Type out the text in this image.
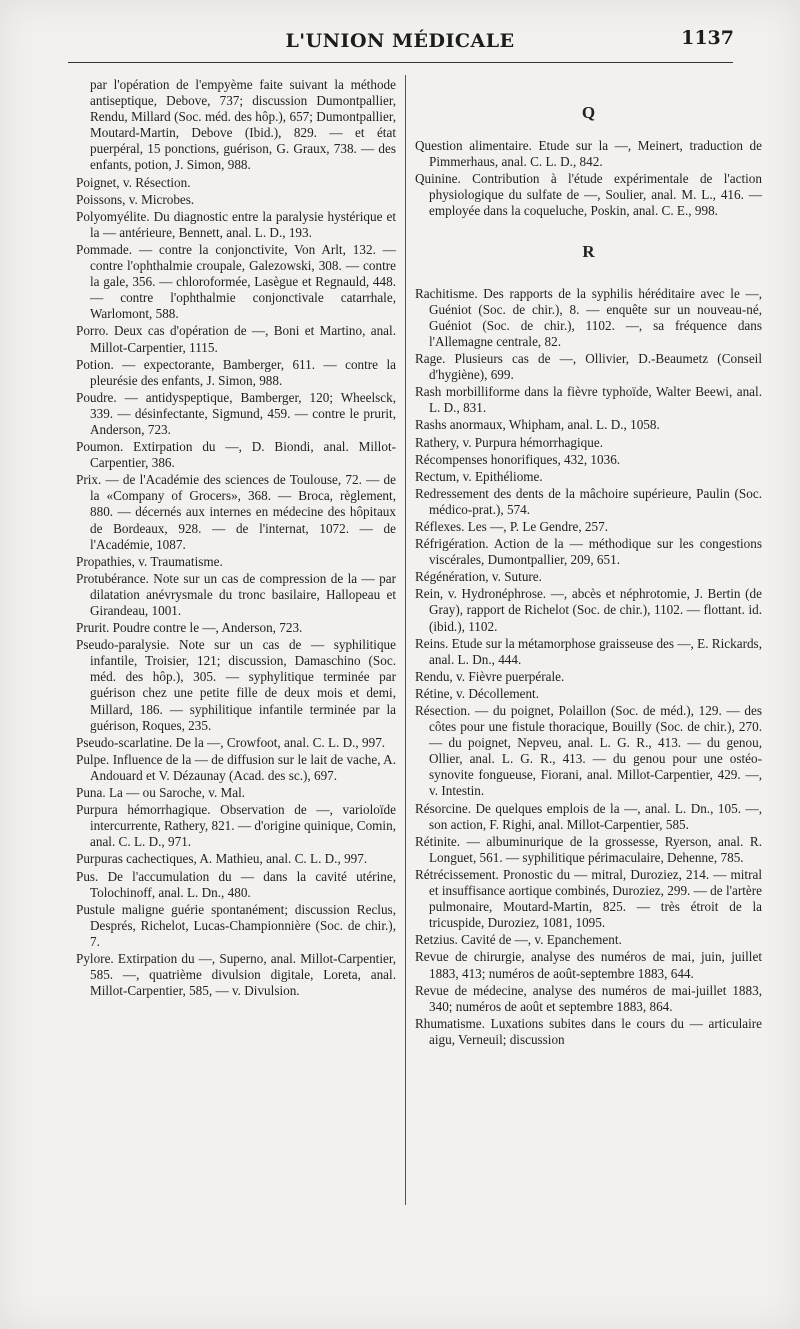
L'UNION MÉDICALE	1137

par l'opération de l'empyème faite suivant la méthode antiseptique, Debove, 737; discussion Dumontpallier, Rendu, Millard (Soc. méd. des hôp.), 657; Dumontpallier, Moutard-Martin, Debove (Ibid.), 829. — et état puerpéral, 15 ponctions, guérison, G. Graux, 738. — des enfants, potion, J. Simon, 988.

Poignet, v. Résection.

Poissons, v. Microbes.

Polyomyélite. Du diagnostic entre la paralysie hystérique et la — antérieure, Bennett, anal. L. D., 193.

Pommade. — contre la conjonctivite, Von Arlt, 132. — contre l'ophthalmie croupale, Galezowski, 308. — contre la gale, 356. — chloroformée, Lasègue et Regnauld, 448. — contre l'ophthalmie conjonctivale catarrhale, Warlomont, 588.

Porro. Deux cas d'opération de —, Boni et Martino, anal. Millot-Carpentier, 1115.

Potion. — expectorante, Bamberger, 611. — contre la pleurésie des enfants, J. Simon, 988.

Poudre. — antidyspeptique, Bamberger, 120; Wheelsck, 339. — désinfectante, Sigmund, 459. — contre le prurit, Anderson, 723.

Poumon. Extirpation du —, D. Biondi, anal. Millot-Carpentier, 386.

Prix. — de l'Académie des sciences de Toulouse, 72. — de la «Company of Grocers», 368. — Broca, règlement, 880. — décernés aux internes en médecine des hôpitaux de Bordeaux, 928. — de l'internat, 1072. — de l'Académie, 1087.

Propathies, v. Traumatisme.

Protubérance. Note sur un cas de compression de la — par dilatation anévrysmale du tronc basilaire, Hallopeau et Girandeau, 1001.

Prurit. Poudre contre le —, Anderson, 723.

Pseudo-paralysie. Note sur un cas de — syphilitique infantile, Troisier, 121; discussion, Damaschino (Soc. méd. des hôp.), 305. — syphylitique terminée par guérison chez une petite fille de deux mois et demi, Millard, 186. — syphilitique infantile terminée par la guérison, Roques, 235.

Pseudo-scarlatine. De la —, Crowfoot, anal. C. L. D., 997.

Pulpe. Influence de la — de diffusion sur le lait de vache, A. Andouard et V. Dézaunay (Acad. des sc.), 697.

Puna. La — ou Saroche, v. Mal.

Purpura hémorrhagique. Observation de —, varioloïde intercurrente, Rathery, 821. — d'origine quinique, Comin, anal. C. L. D., 971.

Purpuras cachectiques, A. Mathieu, anal. C. L. D., 997.

Pus. De l'accumulation du — dans la cavité utérine, Tolochinoff, anal. L. Dn., 480.

Pustule maligne guérie spontanément; discussion Reclus, Després, Richelot, Lucas-Championnière (Soc. de chir.), 7.

Pylore. Extirpation du —, Superno, anal. Millot-Carpentier, 585. —, quatrième divulsion digitale, Loreta, anal. Millot-Carpentier, 585, — v. Divulsion.

Q

Question alimentaire. Etude sur la —, Meinert, traduction de Pimmerhaus, anal. C. L. D., 842.

Quinine. Contribution à l'étude expérimentale de l'action physiologique du sulfate de —, Soulier, anal. M. L., 416. — employée dans la coqueluche, Poskin, anal. C. E., 998.

R

Rachitisme. Des rapports de la syphilis héréditaire avec le —, Guéniot (Soc. de chir.), 8. — enquête sur un nouveau-né, Guéniot (Soc. de chir.), 1102. —, sa fréquence dans l'Allemagne centrale, 82.

Rage. Plusieurs cas de —, Ollivier, D.-Beaumetz (Conseil d'hygiène), 699.

Rash morbilliforme dans la fièvre typhoïde, Walter Beewi, anal. L. D., 831.

Rashs anormaux, Whipham, anal. L. D., 1058.

Rathery, v. Purpura hémorrhagique.

Récompenses honorifiques, 432, 1036.

Rectum, v. Epithéliome.

Redressement des dents de la mâchoire supérieure, Paulin (Soc. médico-prat.), 574.

Réflexes. Les —, P. Le Gendre, 257.

Réfrigération. Action de la — méthodique sur les congestions viscérales, Dumontpallier, 209, 651.

Régénération, v. Suture.

Rein, v. Hydronéphrose. —, abcès et néphrotomie, J. Bertin (de Gray), rapport de Richelot (Soc. de chir.), 1102. — flottant. id. (ibid.), 1102.

Reins. Etude sur la métamorphose graisseuse des —, E. Rickards, anal. L. Dn., 444.

Rendu, v. Fièvre puerpérale.

Rétine, v. Décollement.

Résection. — du poignet, Polaillon (Soc. de méd.), 129. — des côtes pour une fistule thoracique, Bouilly (Soc. de chir.), 270. — du poignet, Nepveu, anal. L. G. R., 413. — du genou, Ollier, anal. L. G. R., 413. — du genou pour une ostéo-synovite fongueuse, Fiorani, anal. Millot-Carpentier, 429. —, v. Intestin.

Résorcine. De quelques emplois de la —, anal. L. Dn., 105. —, son action, F. Righi, anal. Millot-Carpentier, 585.

Rétinite. — albuminurique de la grossesse, Ryerson, anal. R. Longuet, 561. — syphilitique périmaculaire, Dehenne, 785.

Rétrécissement. Pronostic du — mitral, Duroziez, 214. — mitral et insuffisance aortique combinés, Duroziez, 299. — de l'artère pulmonaire, Moutard-Martin, 825. — très étroit de la tricuspide, Duroziez, 1081, 1095.

Retzius. Cavité de —, v. Epanchement.

Revue de chirurgie, analyse des numéros de mai, juin, juillet 1883, 413; numéros de août-septembre 1883, 644.

Revue de médecine, analyse des numéros de mai-juillet 1883, 340; numéros de août et septembre 1883, 864.

Rhumatisme. Luxations subites dans le cours du — articulaire aigu, Verneuil; discussion
